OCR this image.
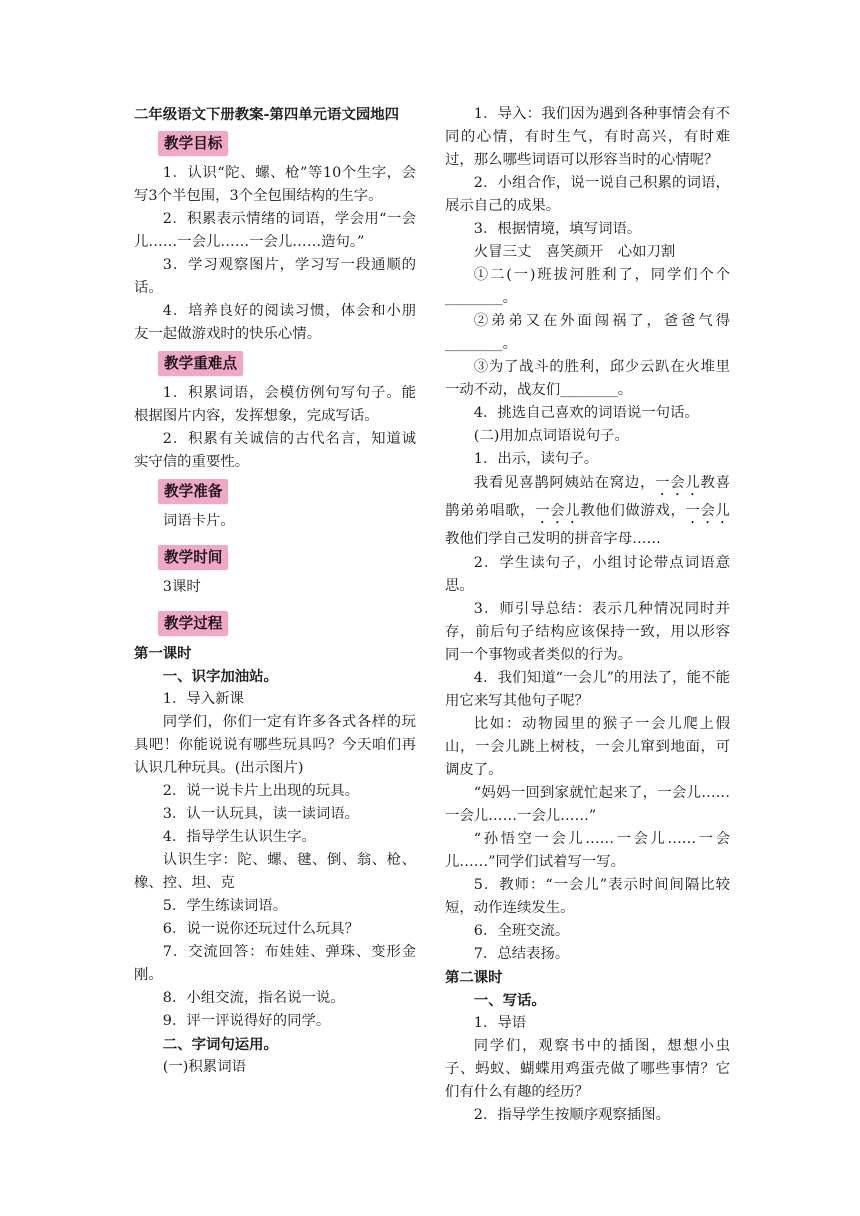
二年级语文下册教案-第四单元语文园地四

教学目标

1．认识“陀、螺、枪”等10个生字，会写3个半包围，3个全包围结构的生字。

2．积累表示情绪的词语，学会用“一会儿……一会儿……一会儿……造句。”

3．学习观察图片，学习写一段通顺的话。

4．培养良好的阅读习惯，体会和小朋友一起做游戏时的快乐心情。

教学重难点

1．积累词语，会模仿例句写句子。能根据图片内容，发挥想象，完成写话。

2．积累有关诚信的古代名言，知道诚实守信的重要性。

教学准备

词语卡片。

教学时间

3课时

教学过程

第一课时

一、识字加油站。

1．导入新课

同学们，你们一定有许多各式各样的玩具吧！你能说说有哪些玩具吗？今天咱们再认识几种玩具。(出示图片)

2．说一说卡片上出现的玩具。

3．认一认玩具，读一读词语。

4．指导学生认识生字。

认识生字：陀、螺、毽、倒、翁、枪、橡、控、坦、克

5．学生练读词语。

6．说一说你还玩过什么玩具？

7．交流回答：布娃娃、弹珠、变形金刚。

8．小组交流，指名说一说。

9．评一评说得好的同学。

二、字词句运用。

(一)积累词语

1．导入：我们因为遇到各种事情会有不同的心情，有时生气，有时高兴，有时难过，那么哪些词语可以形容当时的心情呢？

2．小组合作，说一说自己积累的词语，展示自己的成果。

3．根据情境，填写词语。

火冒三丈　喜笑颜开　心如刀割

①二(一)班拔河胜利了，同学们个个________。

②弟弟又在外面闯祸了，爸爸气得________。

③为了战斗的胜利，邱少云趴在火堆里一动不动，战友们________。

4．挑选自己喜欢的词语说一句话。

(二)用加点词语说句子。

1．出示，读句子。

我看见喜鹊阿姨站在窝边，一会儿教喜鹊弟弟唱歌，一会儿教他们做游戏，一会儿教他们学自己发明的拼音字母……

2．学生读句子，小组讨论带点词语意思。

3．师引导总结：表示几种情况同时并存，前后句子结构应该保持一致，用以形容同一个事物或者类似的行为。

4．我们知道“一会儿”的用法了，能不能用它来写其他句子呢？

比如：动物园里的猴子一会儿爬上假山，一会儿跳上树枝，一会儿窜到地面，可调皮了。

“妈妈一回到家就忙起来了，一会儿……一会儿……一会儿……”

“孙悟空一会儿……一会儿……一会儿……”同学们试着写一写。

5．教师：“一会儿”表示时间间隔比较短，动作连续发生。

6．全班交流。

7．总结表扬。

第二课时

一、写话。

1．导语

同学们，观察书中的插图，想想小虫子、蚂蚁、蝴蝶用鸡蛋壳做了哪些事情？它们有什么有趣的经历？

2．指导学生按顺序观察插图。
